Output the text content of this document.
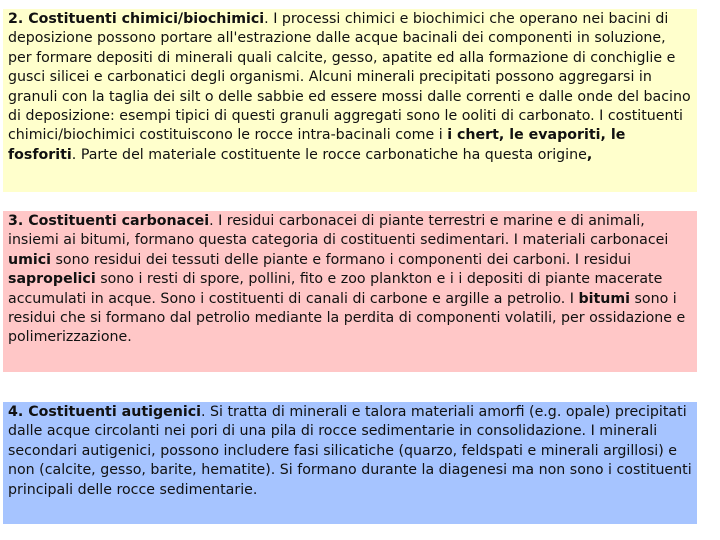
2. Costituenti chimici/biochimici. I processi chimici e biochimici che operano nei bacini di deposizione possono portare all'estrazione dalle acque bacinali dei componenti in soluzione, per formare depositi di minerali quali calcite, gesso, apatite ed alla formazione di conchiglie e gusci silicei e carbonatici degli organismi. Alcuni minerali precipitati possono aggregarsi in granuli con la taglia dei silt o delle sabbie ed essere mossi dalle correnti e dalle onde del bacino di deposizione: esempi tipici di questi granuli aggregati sono le ooliti di carbonato. I costituenti chimici/biochimici costituiscono le rocce intra-bacinali come i i chert, le evaporiti, le fosforiti. Parte del materiale costituente le rocce carbonatiche ha questa origine,
3. Costituenti carbonacei. I residui carbonacei di piante terrestri e marine e di animali, insiemi ai bitumi, formano questa categoria di costituenti sedimentari. I materiali carbonacei umici sono residui dei tessuti delle piante e formano i componenti dei carboni. I residui sapropelici sono i resti di spore, pollini, fito e zoo plankton e i i depositi di piante macerate accumulati in acque. Sono i costituenti di canali di carbone e argille a petrolio. I bitumi sono i residui che si formano dal petrolio mediante la perdita di componenti volatili, per ossidazione e polimerizzazione.
4. Costituenti autigenici. Si tratta di minerali e talora materiali amorfi (e.g. opale) precipitati dalle acque circolanti nei pori di una pila di rocce sedimentarie in consolidazione. I minerali secondari autigenici, possono includere fasi silicatiche (quarzo, feldspati e minerali argillosi) e non (calcite, gesso, barite, hematite). Si formano durante la diagenesi ma non sono i costituenti principali delle rocce sedimentarie.
